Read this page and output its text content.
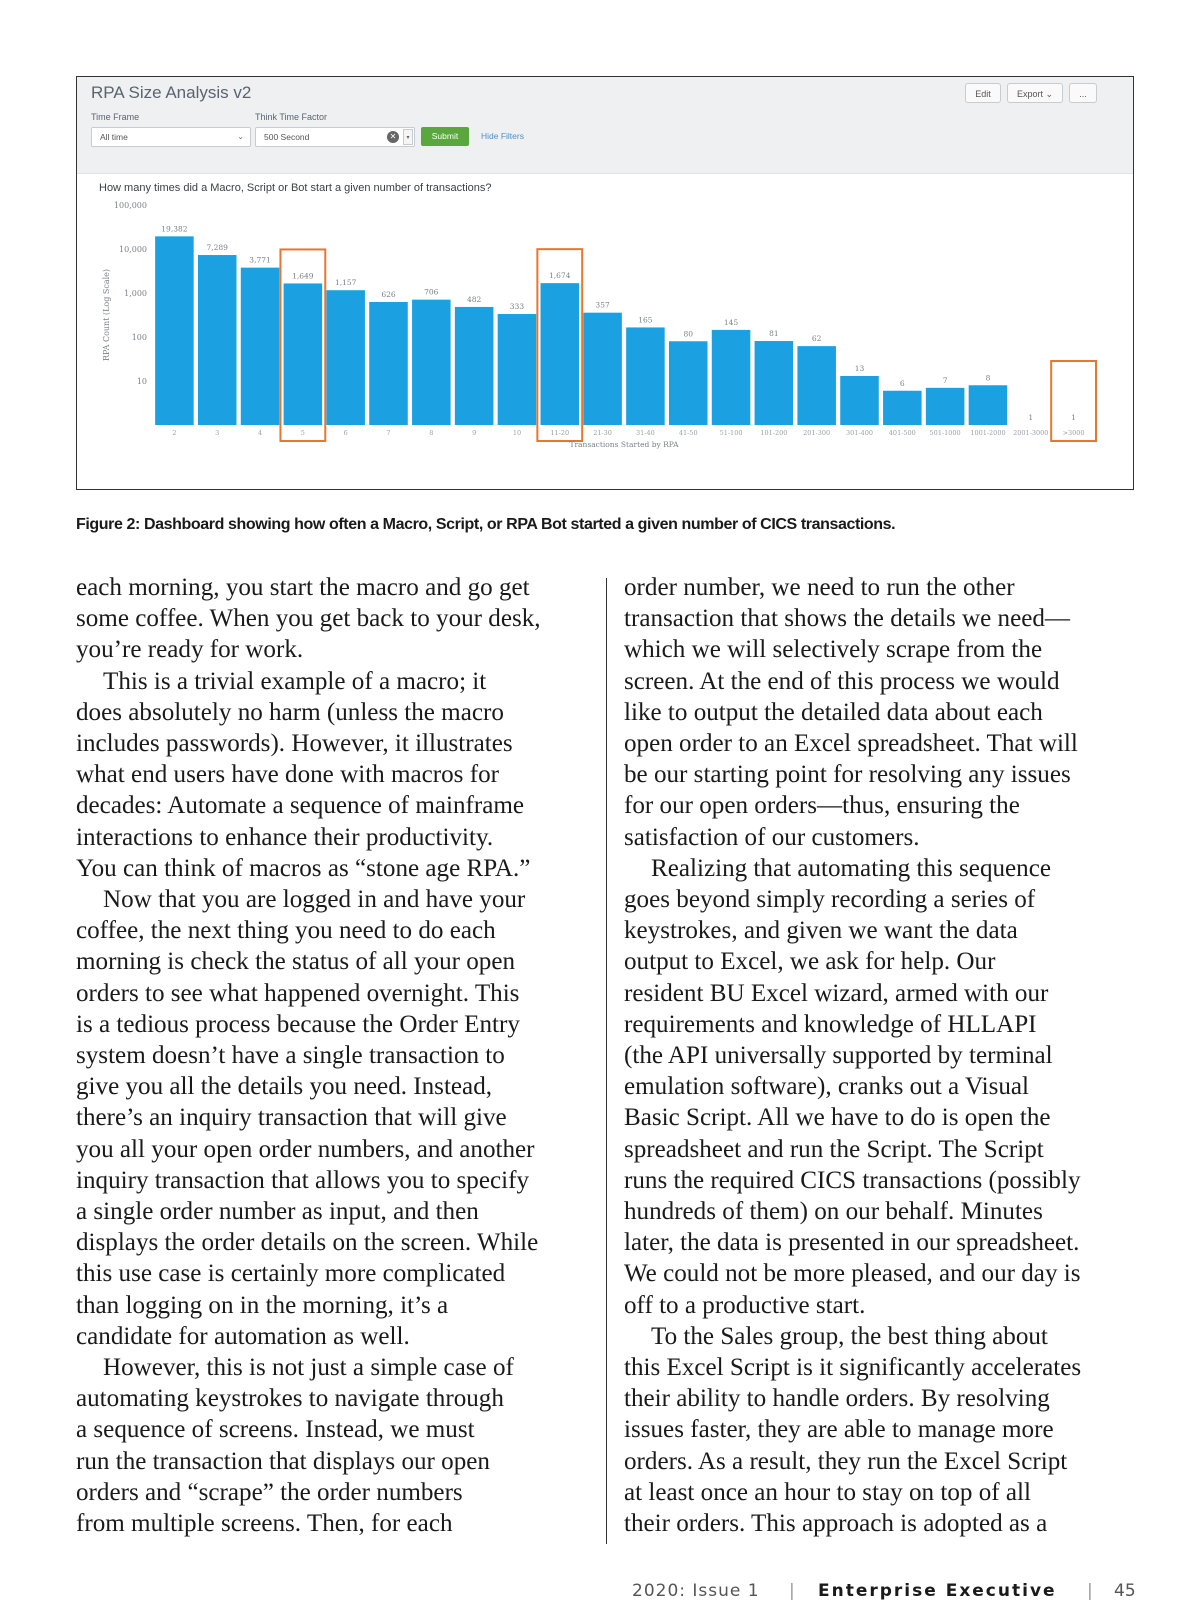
RPA Size Analysis v2	Edit	Export ⌄	...
Time Frame
All time	⌄
Think Time Factor
500 Second	✕	▾	Submit	Hide Filters
How many times did a Macro, Script or Bot start a given number of transactions?
10
100
1,000
10,000
100,000
RPA Count (Log Scale)
19,382
2
7,289
3
3,771
4
1,649
5
1,157
6
626
7
706
8
482
9
333
10
1,674
11-20
357
21-30
165
31-40
80
41-50
145
51-100
81
101-200
62
201-300
13
301-400
6
401-500
7
501-1000
8
1001-2000
1
2001-3000
1
>3000
Transactions Started by RPA
Figure 2: Dashboard showing how often a Macro, Script, or RPA Bot started a given number of CICS transactions.

each morning, you start the macro and go get

some coffee. When you get back to your desk,

you’re ready for work.

This is a trivial example of a macro; it

does absolutely no harm (unless the macro

includes passwords). However, it illustrates

what end users have done with macros for

decades: Automate a sequence of mainframe

interactions to enhance their productivity.

You can think of macros as “stone age RPA.”

Now that you are logged in and have your

coffee, the next thing you need to do each

morning is check the status of all your open

orders to see what happened overnight. This

is a tedious process because the Order Entry

system doesn’t have a single transaction to

give you all the details you need. Instead,

there’s an inquiry transaction that will give

you all your open order numbers, and another

inquiry transaction that allows you to specify

a single order number as input, and then

displays the order details on the screen. While

this use case is certainly more complicated

than logging on in the morning, it’s a

candidate for automation as well.

However, this is not just a simple case of

automating keystrokes to navigate through

a sequence of screens. Instead, we must

run the transaction that displays our open

orders and “scrape” the order numbers

from multiple screens. Then, for each

order number, we need to run the other

transaction that shows the details we need—

which we will selectively scrape from the

screen. At the end of this process we would

like to output the detailed data about each

open order to an Excel spreadsheet. That will

be our starting point for resolving any issues

for our open orders—thus, ensuring the

satisfaction of our customers.

Realizing that automating this sequence

goes beyond simply recording a series of

keystrokes, and given we want the data

output to Excel, we ask for help. Our

resident BU Excel wizard, armed with our

requirements and knowledge of HLLAPI

(the API universally supported by terminal

emulation software), cranks out a Visual

Basic Script. All we have to do is open the

spreadsheet and run the Script. The Script

runs the required CICS transactions (possibly

hundreds of them) on our behalf. Minutes

later, the data is presented in our spreadsheet.

We could not be more pleased, and our day is

off to a productive start.

To the Sales group, the best thing about

this Excel Script is it significantly accelerates

their ability to handle orders. By resolving

issues faster, they are able to manage more

orders. As a result, they run the Excel Script

at least once an hour to stay on top of all

their orders. This approach is adopted as a

2020: Issue 1 | Enterprise Executive | 45
